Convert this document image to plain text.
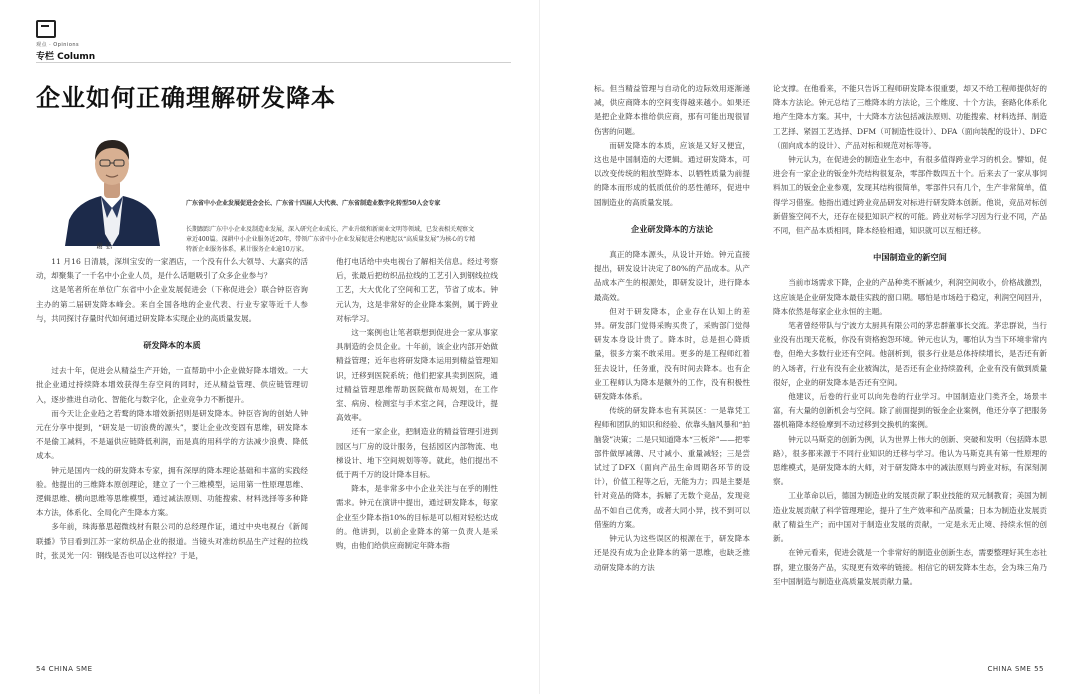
观点 · Opinions
专栏 Column
企业如何正确理解研发降本
谢 弘
广东省中小企业发展促进会会长、广东省十四届人大代表、广东省制造业数字化转型50人会专家
长期跟踪广东中小企业及制造业发展，深入研究企业成长、产业升级和新商业文明等领域，已发表相关观察文章近400篇。深耕中小企业服务近20年，带领广东省中小企业发展促进会构建起以“高质量发展”为核心的专精特新企业服务体系，累计服务企业逾10万家。

11 月16 日清晨，深圳宝安的一家酒店，一个没有什么大领导、大嘉宾的活动，却聚集了一千名中小企业人员，是什么话题吸引了众多企业参与？

这是笔者所在单位广东省中小企业发展促进会（下称促进会）联合钟臣咨询主办的第二届研发降本峰会。来自全国各地的企业代表、行业专家等近千人参与，共同探讨存量时代如何通过研发降本实现企业的高质量发展。

研发降本的本质

过去十年，促进会从精益生产开始，一直帮助中小企业做好降本增效。一大批企业通过持续降本增效获得生存空间的同时，还从精益管理、供应链管理切入，逐步推进自动化、智能化与数字化，企业竞争力不断提升。

而今天让企业趋之若鹜的降本增效新招则是研发降本。钟臣咨询的创始人钟元在分享中提到，“研发是一切浪费的源头”，要让企业改变固有思维，研发降本不是偷工减料，不是逼供应链降低利润，而是真的用科学的方法减少浪费、降低成本。

钟元是国内一线的研发降本专家，拥有深厚的降本理论基础和丰富的实践经验。他提出的三维降本原创理论，建立了一个三维模型，运用第一性原理思维、逻辑思维、横向思维等思维模型，通过减法原则、功能搜索、材料选择等多种降本方法，体系化、全局化产生降本方案。

多年前，珠海慕思超微线材有限公司的总经理作证，通过中央电视台《新闻联播》节目看到江苏一家纺织品企业的报道。当镜头对准纺织品生产过程的拉线时，张灵光一闪：钢线是否也可以这样拉？于是，

他打电话给中央电视台了解相关信息。经过考察后，张最后把纺织品拉线的工艺引入到钢线拉线工艺，大大优化了空间和工艺，节省了成本。钟元认为，这是非常好的企业降本案例，属于跨业对标学习。

这一案例也让笔者联想到促进会一家从事家具制造的会员企业。十年前，该企业内部开始做精益管理；近年也将研发降本运用到精益管理知识，迁移到医院系统；他们把家具卖到医院，通过精益管理思维帮助医院做布局规划，在工作室、病房、检测室与手术室之间，合理设计，提高效率。

还有一家企业，把制造业的精益管理引进到园区与厂房的设计服务，包括园区内部物流、电梯设计、地下空间规划等等。就此，他们提出不低于两千万的设计降本目标。

降本，是非常多中小企业关注与在乎的刚性需求。钟元在演讲中提出，通过研发降本，每家企业至少降本指10%的目标是可以相对轻松达成的。他讲到，以前企业降本的第一负责人是采购，由他们给供应商制定年降本指

54 CHINA SME	CHINA SME 55

标。但当精益管理与自动化的边际效用逐渐递减，供应商降本的空间变得越来越小。如果还是把企业降本推给供应商，那有可能出现很冒伤害的问题。

而研发降本的本质，应该是又好又便宜，这也是中国制造的大逻辑。通过研发降本，可以改变传统的粗放型降本、以牺牲质量为前提的降本而形成的低质低价的恶性循环，促进中国制造业的高质量发展。

企业研发降本的方法论

真正的降本源头，从设计开始。钟元直接提出，研发设计决定了80%的产品成本。从产品成本产生的根源处，即研发设计，进行降本最高效。

但对于研发降本，企业存在认知上的差异。研发部门觉得采购买贵了，采购部门觉得研发本身设计贵了。降本时，总是担心降质量，很多方案不敢采用。更多的是工程师红着狂去设计，任务重，没有时间去降本。也有企业工程师认为降本是额外的工作，没有积极性研发降本体系。

传统的研发降本也有其误区：一是靠凭工程师和团队的知识和经验、依靠头脑风暴和“拍脑袋”决策；二是只知道降本“三板斧”——把零部件做厚减薄、尺寸减小、重量减轻；三是尝试过了DFX（面向产品生命周期各环节的设计），价值工程等之后，无能为力；四是主要是针对竞品的降本，拆解了无数个竞品，发现竞品不如自己优秀，或者大同小异，找不到可以借鉴的方案。

钟元认为这些误区的根源在于，研发降本还是没有成为企业降本的第一思维，也缺乏推动研发降本的方法

论支撑。在他看来，不能只告诉工程师研发降本很重要，却又不给工程师提供好的降本方法论。钟元总结了三维降本的方法论，三个维度、十个方法，套路化体系化地产生降本方案。其中，十大降本方法包括减法原则、功能搜索、材料选择、制造工艺择、紧固工艺选择、DFM（可制造性设计）、DFA（面向装配的设计）、DFC（面向成本的设计）、产品对标和规范对标等等。

钟元认为，在促进会的制造业生态中，有很多值得跨业学习的机会。譬如，促进会有一家企业的钣金外壳结构很复杂，零部件数四五十个。后来去了一家从事饲料加工的钣金企业参观，发现其结构很简单，零部件只有几个，生产非常简单，值得学习借鉴。他指出通过跨业竞品研发对标进行研发降本创新。他说，竞品对标创新借鉴空间不大，还存在侵犯知识产权的可能。跨业对标学习因为行业不同，产品不同，但产品本质相同，降本经验相通，知识就可以互相迁移。

中国制造业的新空间

当前市场需求下降，企业的产品种类不断减少，利润空间收小，价格战激烈，这应该是企业研发降本最佳实践的窗口期。哪怕是市场趋于稳定，利润空间回升，降本依然是每家企业永恒的主题。

笔者曾经带队与宁波方太厨具有限公司的茅忠群董事长交流。茅忠群说，当行业没有出现天花板，你没有资格抱怨环境。钟元也认为，哪怕认为当下环境非常内卷，但绝大多数行业还有空间。他剖析到，很多行业是总体持续增长，是否还有新的入场者，行业有没有企业被淘汰，是否还有企业持续盈利，企业有没有做到质量很好，企业的研发降本是否还有空间。

他建议，后卷的行业可以向先卷的行业学习。中国制造业门类齐全，场景丰富，有大量的创新机会与空间。除了前面提到的钣金企业案例，他还分享了把服务器机箱降本经验摩到不动过移到交换机的案例。

钟元以马斯克的创新为例，认为世界上伟大的创新、突破和发明（包括降本思路），很多都来源于不同行业知识的迁移与学习。他认为马斯克具有第一性原理的思维模式，是研发降本的大师，对于研发降本中的减法原则与跨业对标，有深刻洞察。

工业革命以后，德国为制造业的发展贡献了职业技能的双元制教育；美国为制造业发展贡献了科学管理理论，提升了生产效率和产品质量；日本为制造业发展贡献了精益生产；而中国对于制造业发展的贡献，一定是永无止境、持续永恒的创新。

在钟元看来，促进会就是一个非常好的制造业创新生态，需要整理好其生态社群，建立服务产品，实现更有效率的链接。相信它的研发降本生态，会为珠三角乃至中国制造与制造业高质量发展贡献力量。
